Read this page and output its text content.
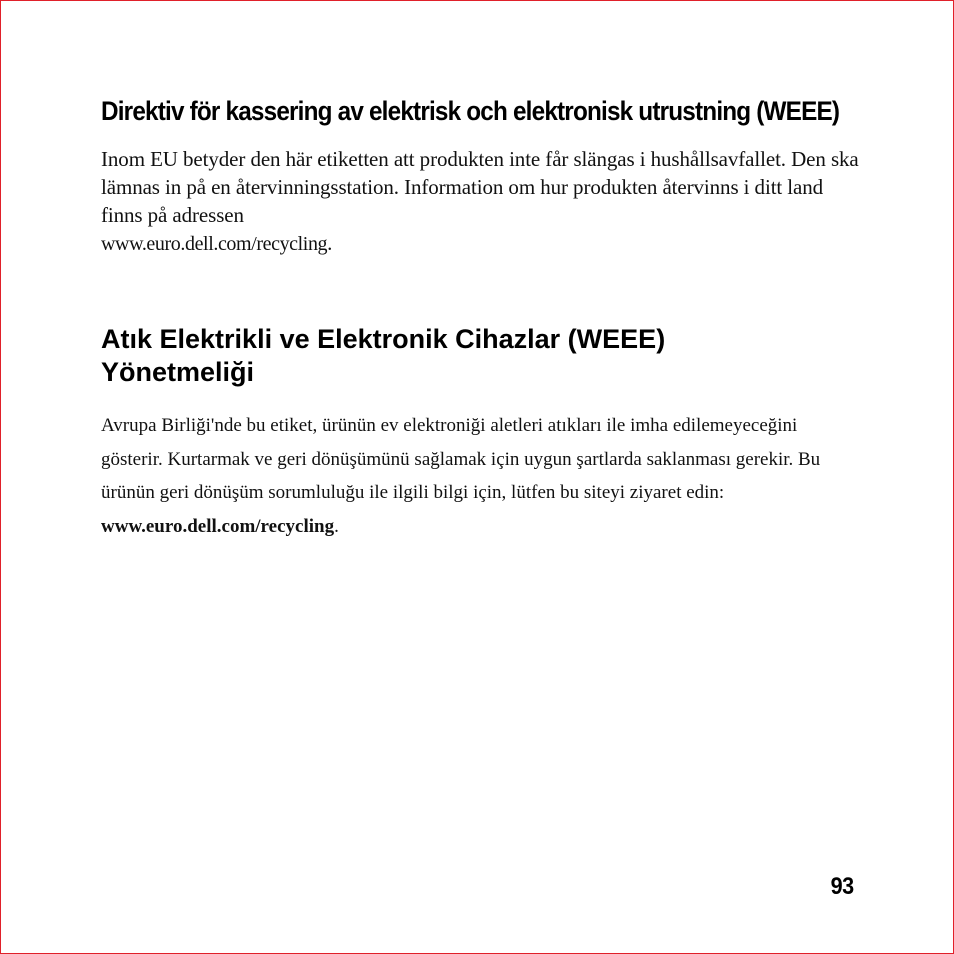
Direktiv för kassering av elektrisk och elektronisk utrustning (WEEE)

Inom EU betyder den här etiketten att produkten inte får slängas i hushållsavfallet. Den ska lämnas in på en återvinningsstation. Information om hur produkten återvinns i ditt land finns på adressen
www.euro.dell.com/recycling.

Atık Elektrikli ve Elektronik Cihazlar (WEEE) Yönetmeliği

Avrupa Birliği'nde bu etiket, ürünün ev elektroniği aletleri atıkları ile imha edilemeyeceğini gösterir. Kurtarmak ve geri dönüşümünü sağlamak için uygun şartlarda saklanması gerekir. Bu ürünün geri dönüşüm sorumluluğu ile ilgili bilgi için, lütfen bu siteyi ziyaret edin: www.euro.dell.com/recycling.

93
